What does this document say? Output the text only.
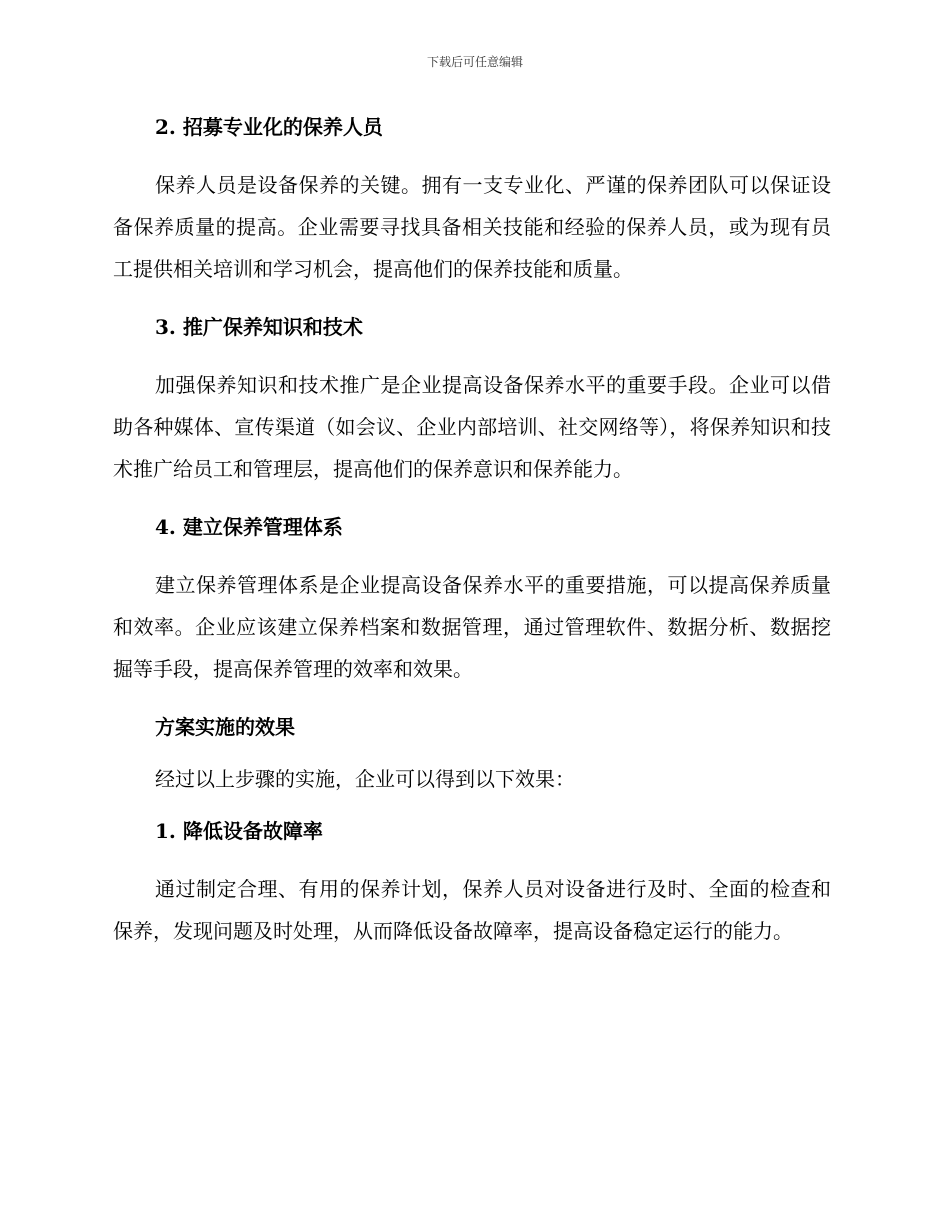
下载后可任意编辑
2. 招募专业化的保养人员

保养人员是设备保养的关键。拥有一支专业化、严谨的保养团队可以保证设备保养质量的提高。企业需要寻找具备相关技能和经验的保养人员，或为现有员工提供相关培训和学习机会，提高他们的保养技能和质量。

3. 推广保养知识和技术

加强保养知识和技术推广是企业提高设备保养水平的重要手段。企业可以借助各种媒体、宣传渠道（如会议、企业内部培训、社交网络等），将保养知识和技术推广给员工和管理层，提高他们的保养意识和保养能力。

4. 建立保养管理体系

建立保养管理体系是企业提高设备保养水平的重要措施，可以提高保养质量和效率。企业应该建立保养档案和数据管理，通过管理软件、数据分析、数据挖掘等手段，提高保养管理的效率和效果。

方案实施的效果

经过以上步骤的实施，企业可以得到以下效果：

1. 降低设备故障率

通过制定合理、有用的保养计划，保养人员对设备进行及时、全面的检查和保养，发现问题及时处理，从而降低设备故障率，提高设备稳定运行的能力。
